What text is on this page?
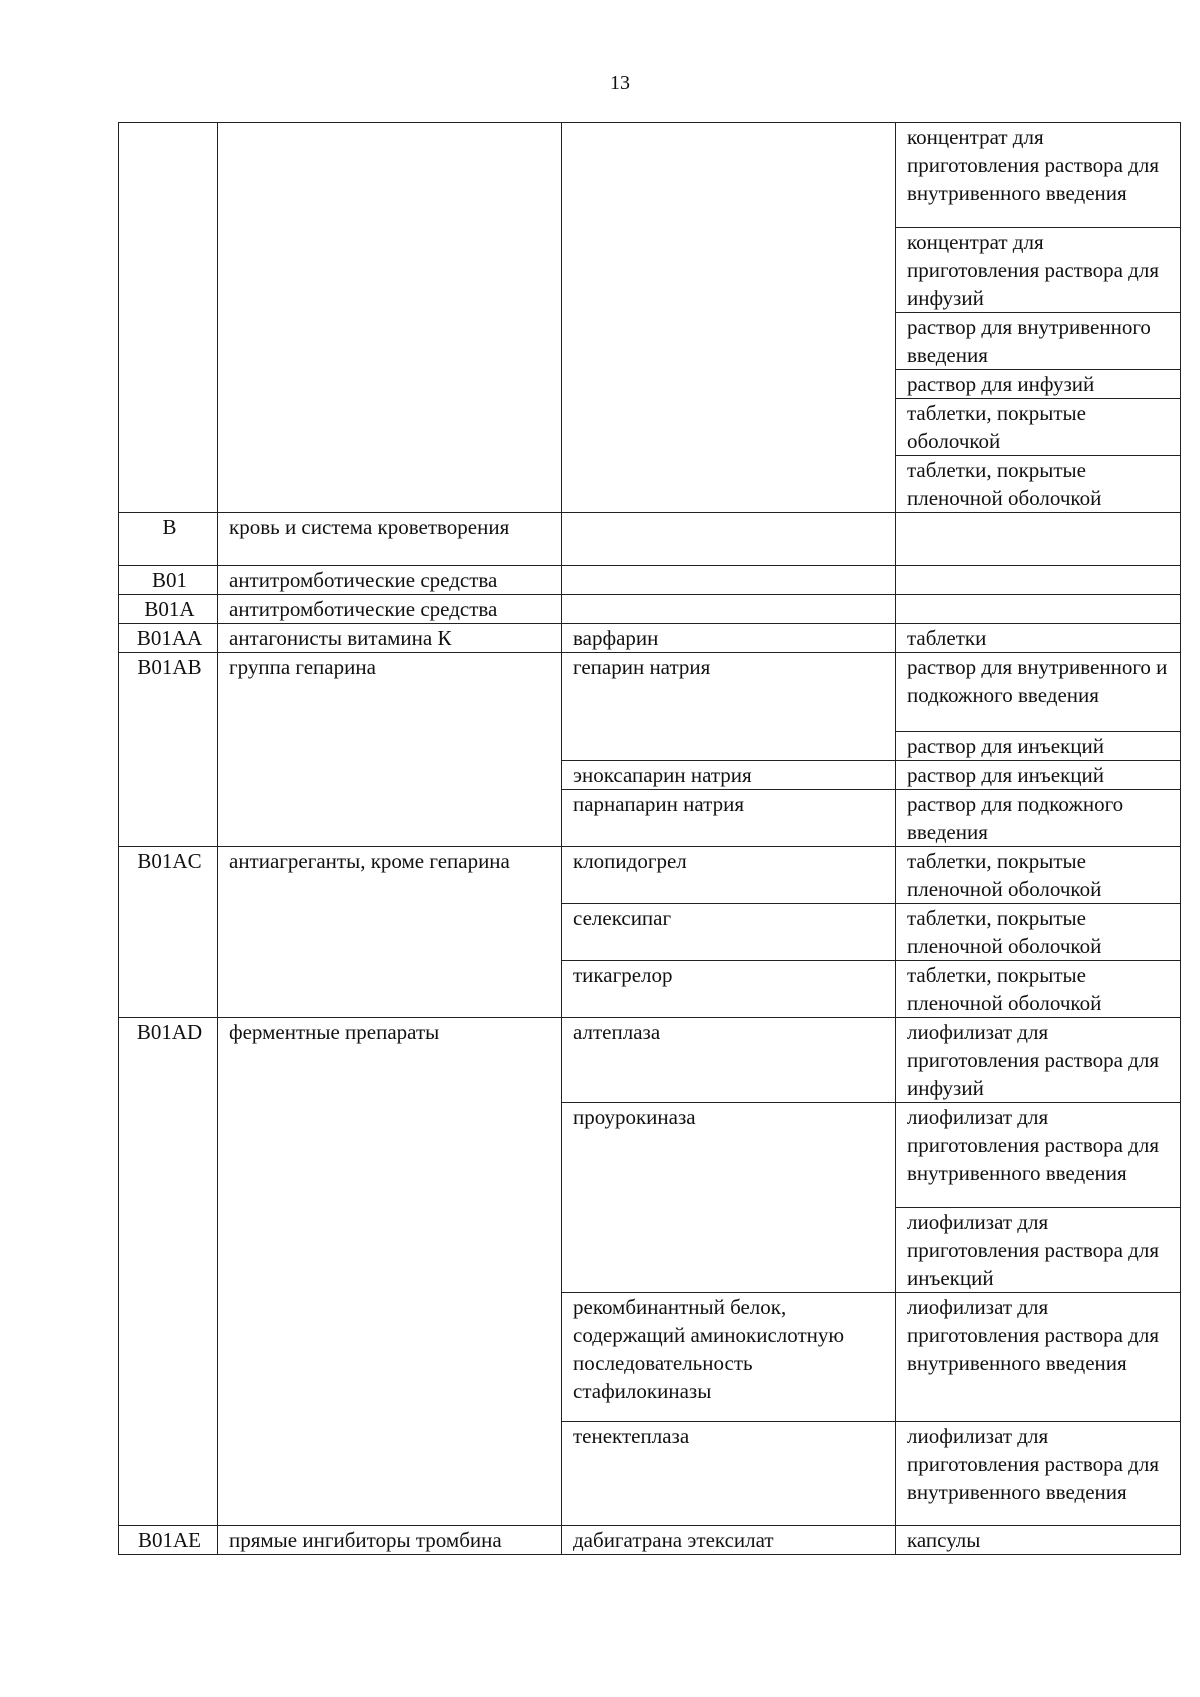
13
			концентрат для приготовления раствора для внутривенного введения
			концентрат для приготовления раствора для инфузий
			раствор для внутривенного введения
			раствор для инфузий
			таблетки, покрытые оболочкой
			таблетки, покрытые пленочной оболочкой
B	кровь и система кроветворения		
B01	антитромботические средства		
B01A	антитромботические средства		
B01AA	антагонисты витамина К	варфарин	таблетки
B01AB	группа гепарина	гепарин натрия	раствор для внутривенного и подкожного введения
			раствор для инъекций
		эноксапарин натрия	раствор для инъекций
		парнапарин натрия	раствор для подкожного введения
B01AC	антиагреганты, кроме гепарина	клопидогрел	таблетки, покрытые пленочной оболочкой
		селексипаг	таблетки, покрытые пленочной оболочкой
		тикагрелор	таблетки, покрытые пленочной оболочкой
B01AD	ферментные препараты	алтеплаза	лиофилизат для приготовления раствора для инфузий
		проурокиназа	лиофилизат для приготовления раствора для внутривенного введения
			лиофилизат для приготовления раствора для инъекций
		рекомбинантный белок, содержащий аминокислотную последовательность стафилокиназы	лиофилизат для приготовления раствора для внутривенного введения
		тенектеплаза	лиофилизат для приготовления раствора для внутривенного введения
B01AE	прямые ингибиторы тромбина	дабигатрана этексилат	капсулы
